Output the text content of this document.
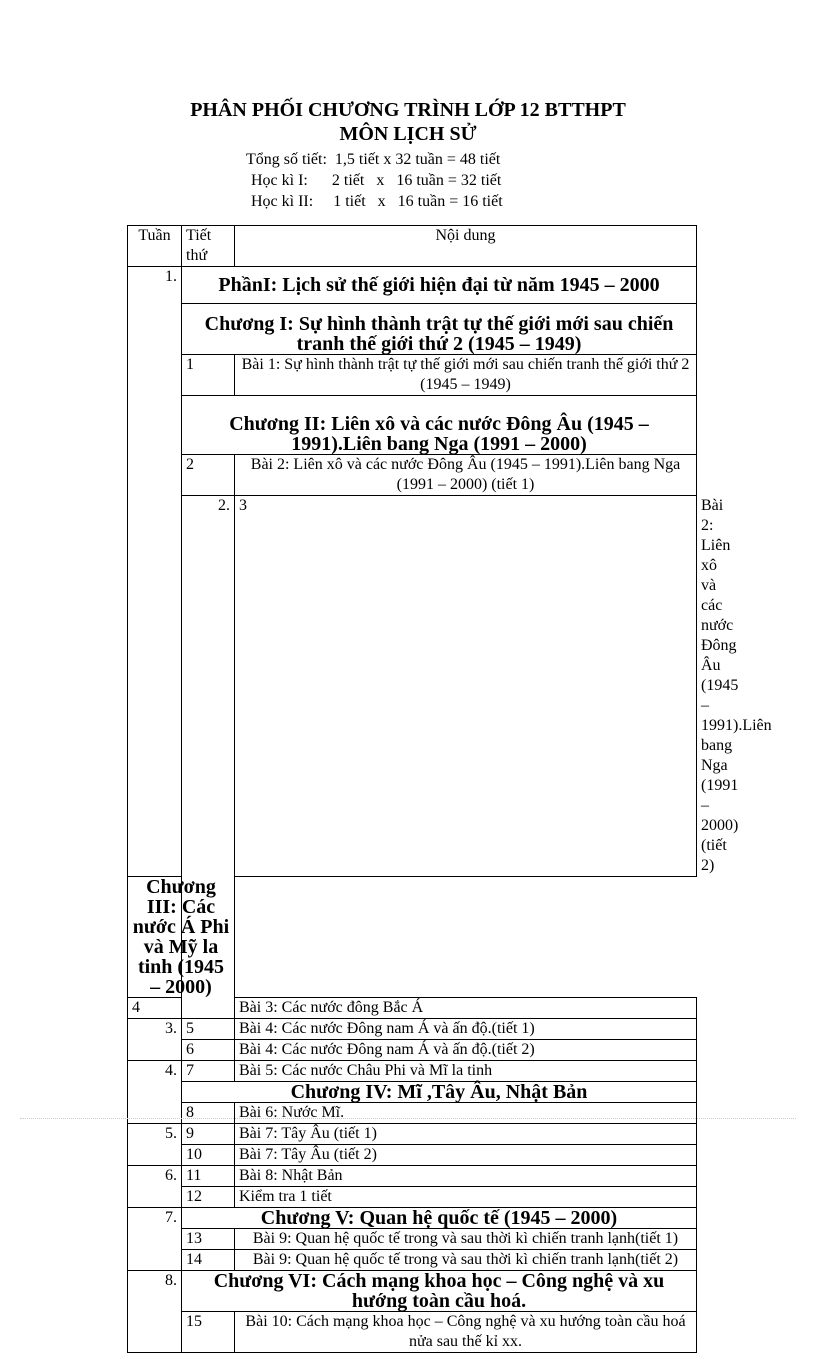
PHÂN PHỐI CHƯƠNG TRÌNH LỚP 12 BTTHPT
MÔN LỊCH SỬ
Tổng số tiết:  1,5 tiết x 32 tuần = 48 tiết
Học kì I:      2 tiết   x   16 tuần = 32 tiết
Học kì II:     1 tiết   x   16 tuần = 16 tiết
Tuần	Tiết thứ	Nội dung	
1.	PhầnI: Lịch sử thế giới hiện đại từ năm 1945 – 2000		
	Chương I: Sự hình thành trật tự thế giới mới sau chiến tranh thế giới thứ 2 (1945 – 1949)		
	1	Bài 1: Sự hình thành trật tự thế giới mới sau chiến tranh thế giới thứ 2 (1945 – 1949)	
	Chương II: Liên xô và các nước Đông Âu (1945 – 1991).Liên bang Nga (1991 – 2000)		
	2	Bài 2: Liên xô và các nước Đông Âu (1945 – 1991).Liên bang Nga (1991 – 2000) (tiết 1)	
	2.	3	Bài 2: Liên xô và các nước Đông Âu (1945 – 1991).Liên bang Nga (1991 – 2000) (tiết 2)
Chương III: Các nước Á Phi và Mỹ la tinh (1945 – 2000)			
4		Bài 3: Các nước đông Bắc Á	
3.	5	Bài 4: Các nước Đông nam Á và ấn độ.(tiết 1)	
	6	Bài 4: Các nước Đông nam Á và ấn độ.(tiết 2)	
4.	7	Bài 5: Các nước Châu Phi và Mĩ la tinh	
	Chương IV: Mĩ ,Tây Âu, Nhật Bản		
	8	Bài 6: Nước Mĩ.	
5.	9	Bài 7: Tây Âu (tiết 1)	
	10	Bài 7: Tây Âu (tiết 2)	
6.	11	Bài 8: Nhật Bản	
	12	Kiểm tra 1 tiết	
7.	Chương V: Quan hệ quốc tế (1945 – 2000)		
	13	Bài 9: Quan hệ quốc tế trong và sau thời kì chiến tranh lạnh(tiết 1)	
	14	Bài 9: Quan hệ quốc tế trong và sau thời kì chiến tranh lạnh(tiết 2)	
8.	Chương VI: Cách mạng khoa học – Công nghệ và xu hướng toàn cầu hoá.		
	15	Bài 10: Cách mạng khoa học – Công nghệ và xu hướng toàn cầu hoá nửa sau thế kỉ xx.	
